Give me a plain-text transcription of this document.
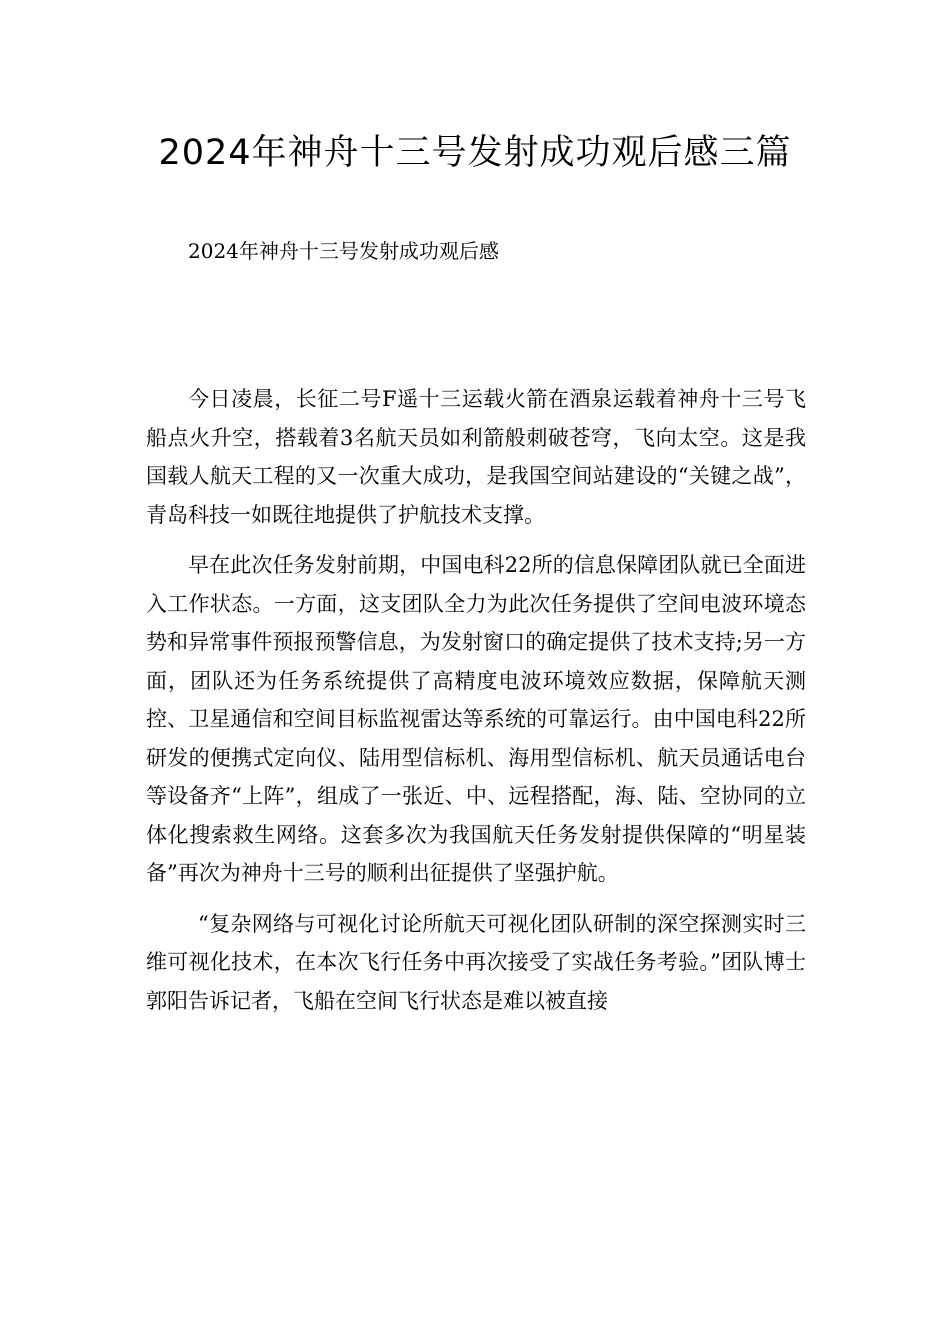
2024年神舟十三号发射成功观后感三篇
2024年神舟十三号发射成功观后感

今日凌晨，长征二号F遥十三运载火箭在酒泉运载着神舟十三号飞船点火升空，搭载着3名航天员如利箭般刺破苍穹，飞向太空。这是我国载人航天工程的又一次重大成功，是我国空间站建设的“关键之战”，青岛科技一如既往地提供了护航技术支撑。

早在此次任务发射前期，中国电科22所的信息保障团队就已全面进入工作状态。一方面，这支团队全力为此次任务提供了空间电波环境态势和异常事件预报预警信息，为发射窗口的确定提供了技术支持;另一方面，团队还为任务系统提供了高精度电波环境效应数据，保障航天测控、卫星通信和空间目标监视雷达等系统的可靠运行。由中国电科22所研发的便携式定向仪、陆用型信标机、海用型信标机、航天员通话电台等设备齐“上阵”，组成了一张近、中、远程搭配，海、陆、空协同的立体化搜索救生网络。这套多次为我国航天任务发射提供保障的“明星装备”再次为神舟十三号的顺利出征提供了坚强护航。

“复杂网络与可视化讨论所航天可视化团队研制的深空探测实时三维可视化技术，在本次飞行任务中再次接受了实战任务考验。”团队博士郭阳告诉记者，飞船在空间飞行状态是难以被直接
